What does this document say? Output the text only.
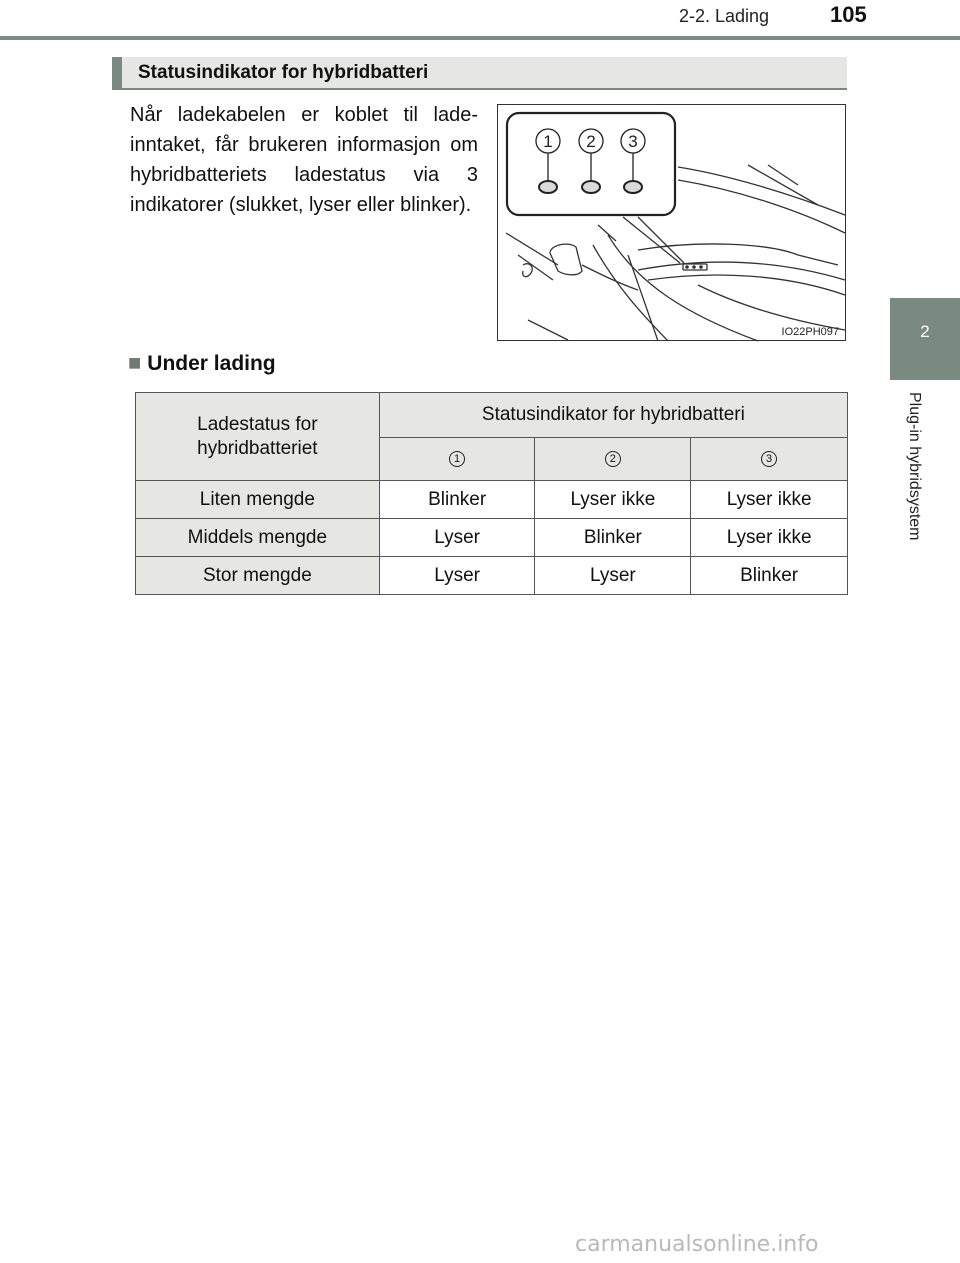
2-2. Lading	105
2
Plug-in hybridsystem
Statusindikator for hybridbatteri

Når ladekabelen er koblet til lade-inntaket, får brukeren informasjon om hybridbatteriets ladestatus via 3 indikatorer (slukket, lyser eller blinker).

1 2 3
IO22PH097
■ Under lading
Ladestatus for hybridbatteriet	Statusindikator for hybridbatteri		
	1	2	3
Liten mengde	Blinker	Lyser ikke	Lyser ikke
Middels mengde	Lyser	Blinker	Lyser ikke
Stor mengde	Lyser	Lyser	Blinker
carmanualsonline.info
